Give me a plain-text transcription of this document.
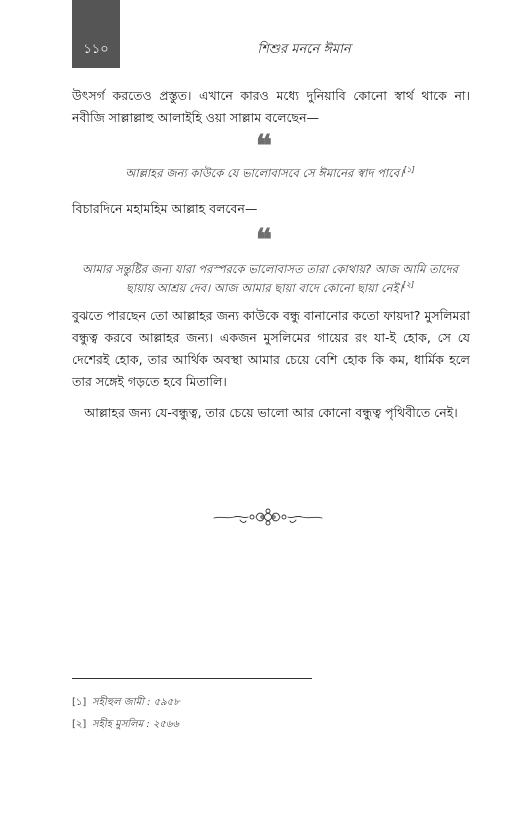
১১০	শিশুর মননে ঈমান
উৎসর্গ করতেও প্রস্তুত। এখানে কারও মধ্যে দুনিয়াবি কোনো স্বার্থ থাকে না। নবীজি সাল্লাল্লাহু আলাইহি ওয়া সাল্লাম বলেছেন—
❝
আল্লাহর জন্য কাউকে যে ভালোবাসবে সে ঈমানের স্বাদ পাবে।[১]
বিচারদিনে মহামহিম আল্লাহ বলবেন—
❝
আমার সন্তুষ্টির জন্য যারা পরস্পরকে ভালোবাসত তারা কোথায়? আজ আমি তাদের ছায়ায় আশ্রয় দেব। আজ আমার ছায়া বাদে কোনো ছায়া নেই।[২]
বুঝতে পারছেন তো আল্লাহর জন্য কাউকে বন্ধু বানানোর কতো ফায়দা? মুসলিমরা বন্ধুত্ব করবে আল্লাহর জন্য। একজন মুসলিমের গায়ের রং যা-ই হোক, সে যে দেশেরই হোক, তার আর্থিক অবস্থা আমার চেয়ে বেশি হোক কি কম, ধার্মিক হলে তার সঙ্গেই গড়তে হবে মিতালি।
আল্লাহর জন্য যে-বন্ধুত্ব, তার চেয়ে ভালো আর কোনো বন্ধুত্ব পৃথিবীতে নেই।
[১] সহীহুল জামী : ৫৯৫৮
[২] সহীহ মুসলিম : ২৫৬৬
